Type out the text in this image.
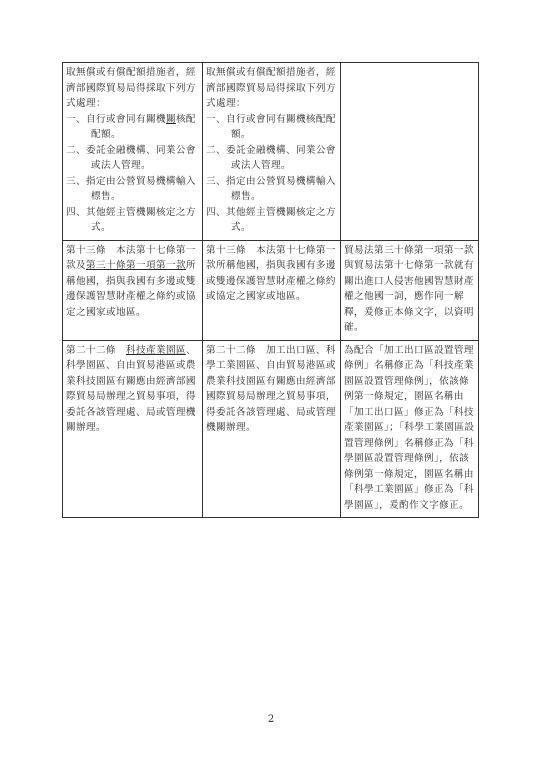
取無償或有償配額措施者，經濟部國際貿易局得採取下列方式處理：
一、自行或會同有關機關核配配額。
二、委託金融機構、同業公會或法人管理。
三、指定由公營貿易機構輸入標售。
四、其他經主管機關核定之方式。	取無償或有償配額措施者，經濟部國際貿易局得採取下列方式處理：
一、自行或會同有關機核配配額。
二、委託金融機構、同業公會或法人管理。
三、指定由公營貿易機構輸入標售。
四、其他經主管機關核定之方式。	

第十三條　本法第十七條第一款及第三十條第一項第一款所稱他國，指與我國有多邊或雙邊保護智慧財產權之條約或協定之國家或地區。	第十三條　本法第十七條第一款所稱他國，指與我國有多邊或雙邊保護智慧財產權之條約或協定之國家或地區。	貿易法第三十條第一項第一款與貿易法第十七條第一款就有關出進口人侵害他國智慧財產權之他國一詞，應作同一解釋，爰修正本條文字，以資明確。
第二十二條　科技產業園區、科學園區、自由貿易港區或農業科技園區有關應由經濟部國際貿易局辦理之貿易事項，得委託各該管理處、局或管理機關辦理。	第二十二條　加工出口區、科學工業園區、自由貿易港區或農業科技園區有關應由經濟部國際貿易局辦理之貿易事項，得委託各該管理處、局或管理機關辦理。	為配合「加工出口區設置管理條例」名稱修正為「科技產業園區設置管理條例」，依該條例第一條規定，園區名稱由「加工出口區」修正為「科技產業園區」；「科學工業園區設置管理條例」名稱修正為「科學園區設置管理條例」，依該條例第一條規定，園區名稱由「科學工業園區」修正為「科學園區」，爰酌作文字修正。
2
